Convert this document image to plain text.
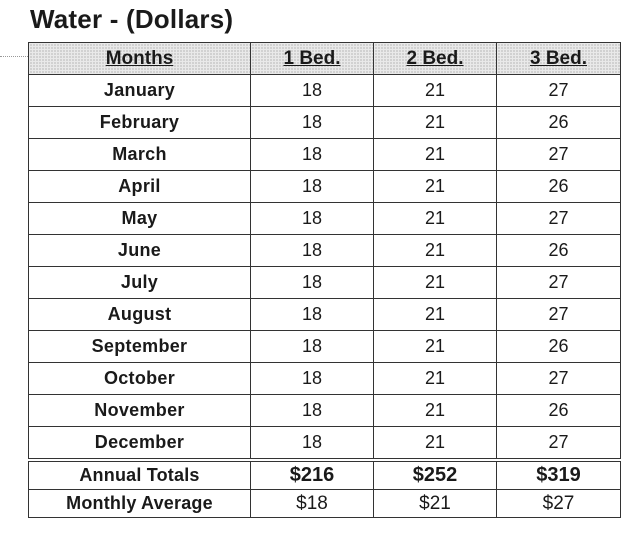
Water - (Dollars)
Months	1 Bed.	2 Bed.	3 Bed.
January	18	21	27
February	18	21	26
March	18	21	27
April	18	21	26
May	18	21	27
June	18	21	26
July	18	21	27
August	18	21	27
September	18	21	26
October	18	21	27
November	18	21	26
December	18	21	27
Annual Totals	$216	$252	$319
Monthly Average	$18	$21	$27
